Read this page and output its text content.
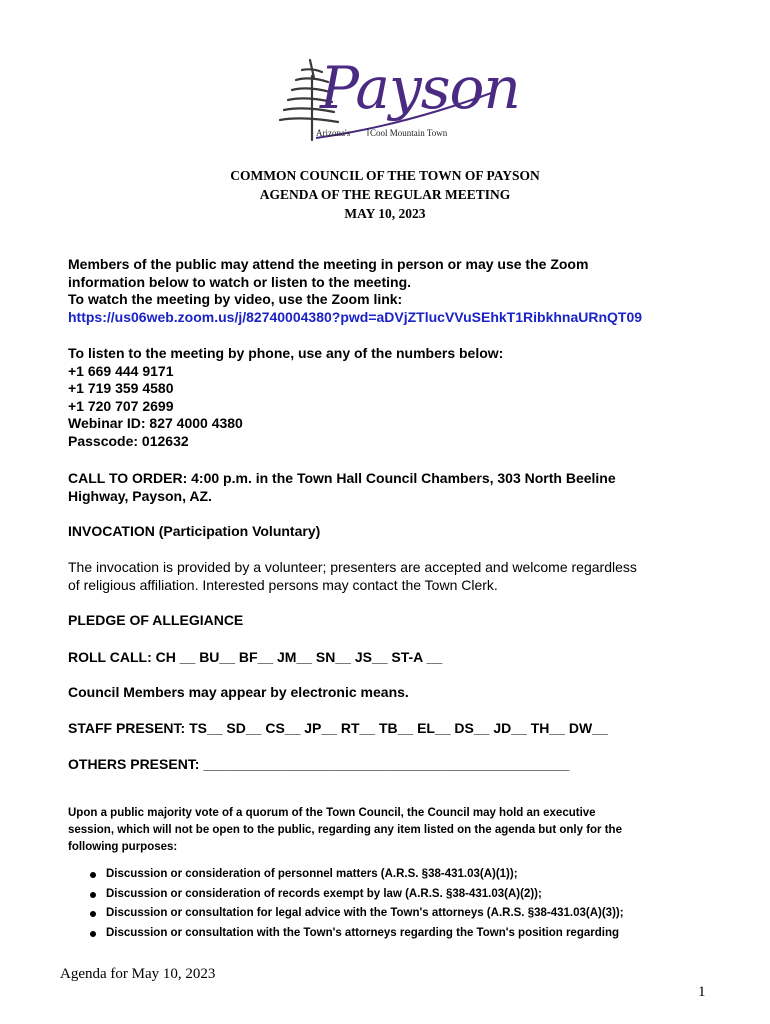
Payson
Arizona's Cool Mountain Town
COMMON COUNCIL OF THE TOWN OF PAYSON
AGENDA OF THE REGULAR MEETING
MAY 10, 2023
Members of the public may attend the meeting in person or may use the Zoom
information below to watch or listen to the meeting.
To watch the meeting by video, use the Zoom link:
https://us06web.zoom.us/j/82740004380?pwd=aDVjZTlucVVuSEhkT1RibkhnaURnQT09
To listen to the meeting by phone, use any of the numbers below:
+1 669 444 9171
+1 719 359 4580
+1 720 707 2699
Webinar ID: 827 4000 4380
Passcode: 012632
CALL TO ORDER: 4:00 p.m. in the Town Hall Council Chambers, 303 North Beeline
Highway, Payson, AZ.
INVOCATION (Participation Voluntary)
The invocation is provided by a volunteer; presenters are accepted and welcome regardless
of religious affiliation. Interested persons may contact the Town Clerk.
PLEDGE OF ALLEGIANCE
ROLL CALL: CH __ BU__ BF__ JM__ SN__ JS__ ST-A __
Council Members may appear by electronic means.
STAFF PRESENT: TS__ SD__ CS__ JP__ RT__ TB__ EL__ DS__ JD__ TH__ DW__
OTHERS PRESENT: _______________________________________________
Upon a public majority vote of a quorum of the Town Council, the Council may hold an executive
session, which will not be open to the public, regarding any item listed on the agenda but only for the
following purposes:
Discussion or consideration of personnel matters (A.R.S. §38-431.03(A)(1));
Discussion or consideration of records exempt by law (A.R.S. §38-431.03(A)(2));
Discussion or consultation for legal advice with the Town's attorneys (A.R.S. §38-431.03(A)(3));
Discussion or consultation with the Town's attorneys regarding the Town's position regarding
Agenda for May 10, 2023
1
